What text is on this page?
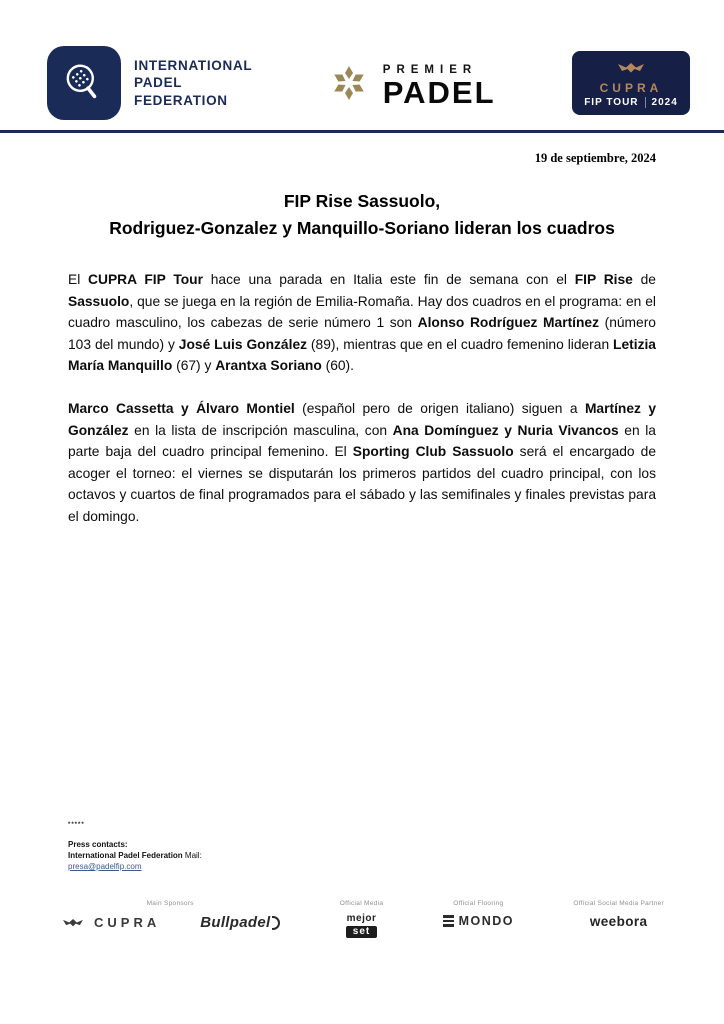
INTERNATIONAL
PADEL
FEDERATION
PREMIER
PADEL	CUPRA
FIP TOUR 2024
19 de septiembre, 2024
FIP Rise Sassuolo,
Rodriguez-Gonzalez y Manquillo-Soriano lideran los cuadros

El CUPRA FIP Tour hace una parada en Italia este fin de semana con el FIP Rise de Sassuolo, que se juega en la región de Emilia-Romaña. Hay dos cuadros en el programa: en el cuadro masculino, los cabezas de serie número 1 son Alonso Rodríguez Martínez (número 103 del mundo) y José Luis González (89), mientras que en el cuadro femenino lideran Letizia María Manquillo (67) y Arantxa Soriano (60).

Marco Cassetta y Álvaro Montiel (español pero de origen italiano) siguen a Martínez y González en la lista de inscripción masculina, con Ana Domínguez y Nuria Vivancos en la parte baja del cuadro principal femenino. El Sporting Club Sassuolo será el encargado de acoger el torneo: el viernes se disputarán los primeros partidos del cuadro principal, con los octavos y cuartos de final programados para el sábado y las semifinales y finales previstas para el domingo.

*****
Press contacts:
International Padel Federation Mail:
presa@padelfip.com
Main Sponsors
CUPRA	Bullpadel
Official Media
mejor
set
Official Flooring
MONDO
Official Social Media Partner
weebora
